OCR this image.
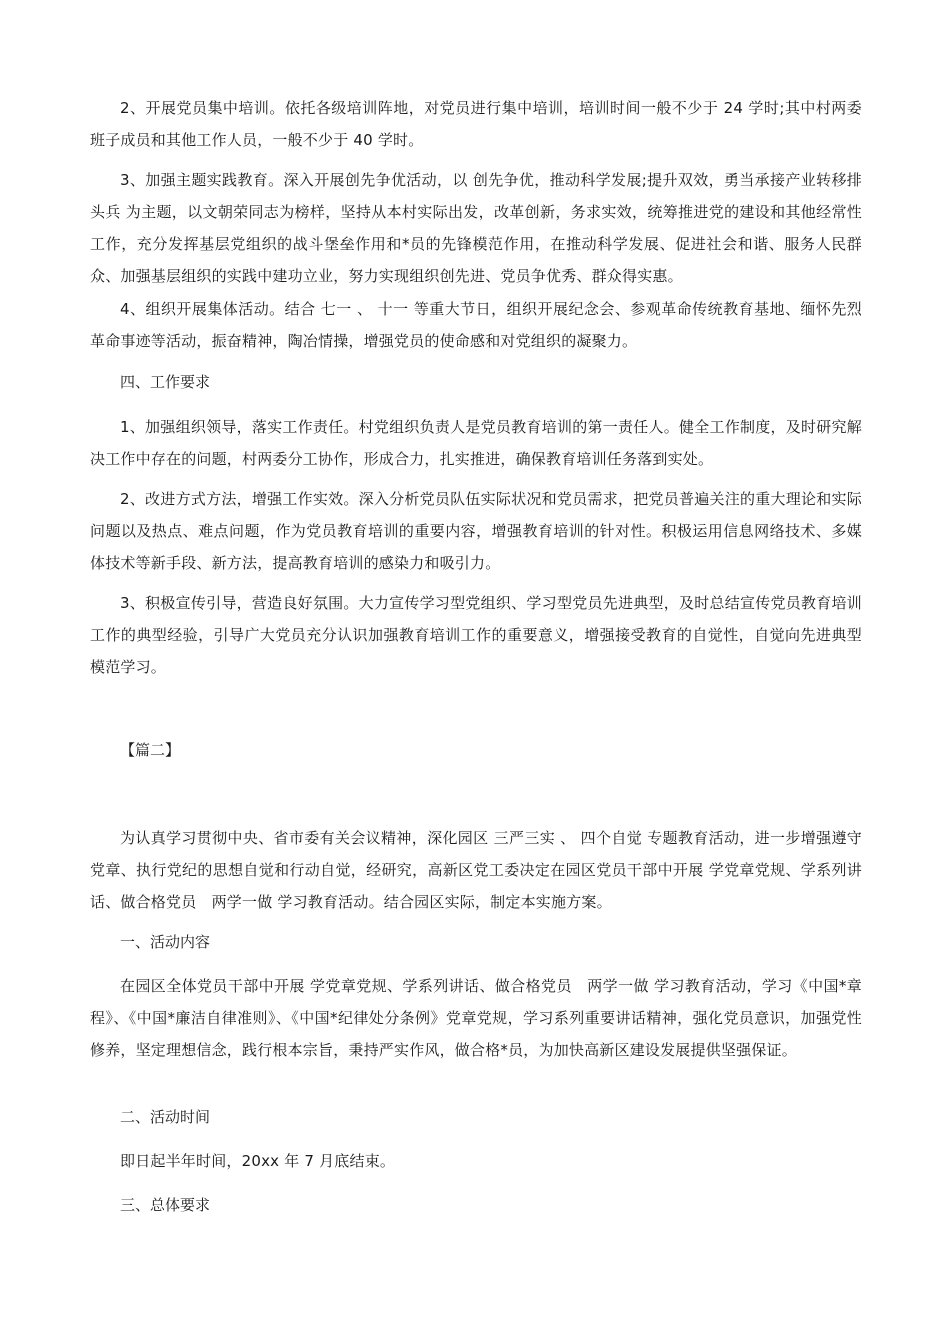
2、开展党员集中培训。依托各级培训阵地，对党员进行集中培训，培训时间一般不少于 24 学时;其中村两委班子成员和其他工作人员，一般不少于 40 学时。

3、加强主题实践教育。深入开展创先争优活动，以 创先争优，推动科学发展;提升双效，勇当承接产业转移排头兵 为主题，以文朝荣同志为榜样，坚持从本村实际出发，改革创新，务求实效，统筹推进党的建设和其他经常性工作，充分发挥基层党组织的战斗堡垒作用和*员的先锋模范作用，在推动科学发展、促进社会和谐、服务人民群众、加强基层组织的实践中建功立业，努力实现组织创先进、党员争优秀、群众得实惠。

4、组织开展集体活动。结合 七一 、 十一 等重大节日，组织开展纪念会、参观革命传统教育基地、缅怀先烈革命事迹等活动，振奋精神，陶冶情操，增强党员的使命感和对党组织的凝聚力。

四、工作要求

1、加强组织领导，落实工作责任。村党组织负责人是党员教育培训的第一责任人。健全工作制度，及时研究解决工作中存在的问题，村两委分工协作，形成合力，扎实推进，确保教育培训任务落到实处。

2、改进方式方法，增强工作实效。深入分析党员队伍实际状况和党员需求，把党员普遍关注的重大理论和实际问题以及热点、难点问题，作为党员教育培训的重要内容，增强教育培训的针对性。积极运用信息网络技术、多媒体技术等新手段、新方法，提高教育培训的感染力和吸引力。

3、积极宣传引导，营造良好氛围。大力宣传学习型党组织、学习型党员先进典型，及时总结宣传党员教育培训工作的典型经验，引导广大党员充分认识加强教育培训工作的重要意义，增强接受教育的自觉性，自觉向先进典型模范学习。

【篇二】

为认真学习贯彻中央、省市委有关会议精神，深化园区 三严三实 、 四个自觉 专题教育活动，进一步增强遵守党章、执行党纪的思想自觉和行动自觉，经研究，高新区党工委决定在园区党员干部中开展 学党章党规、学系列讲话、做合格党员　两学一做 学习教育活动。结合园区实际，制定本实施方案。

一、活动内容

在园区全体党员干部中开展 学党章党规、学系列讲话、做合格党员　两学一做 学习教育活动，学习《中国*章程》、《中国*廉洁自律准则》、《中国*纪律处分条例》党章党规，学习系列重要讲话精神，强化党员意识，加强党性修养，坚定理想信念，践行根本宗旨，秉持严实作风，做合格*员，为加快高新区建设发展提供坚强保证。

二、活动时间

即日起半年时间，20xx 年 7 月底结束。

三、总体要求
